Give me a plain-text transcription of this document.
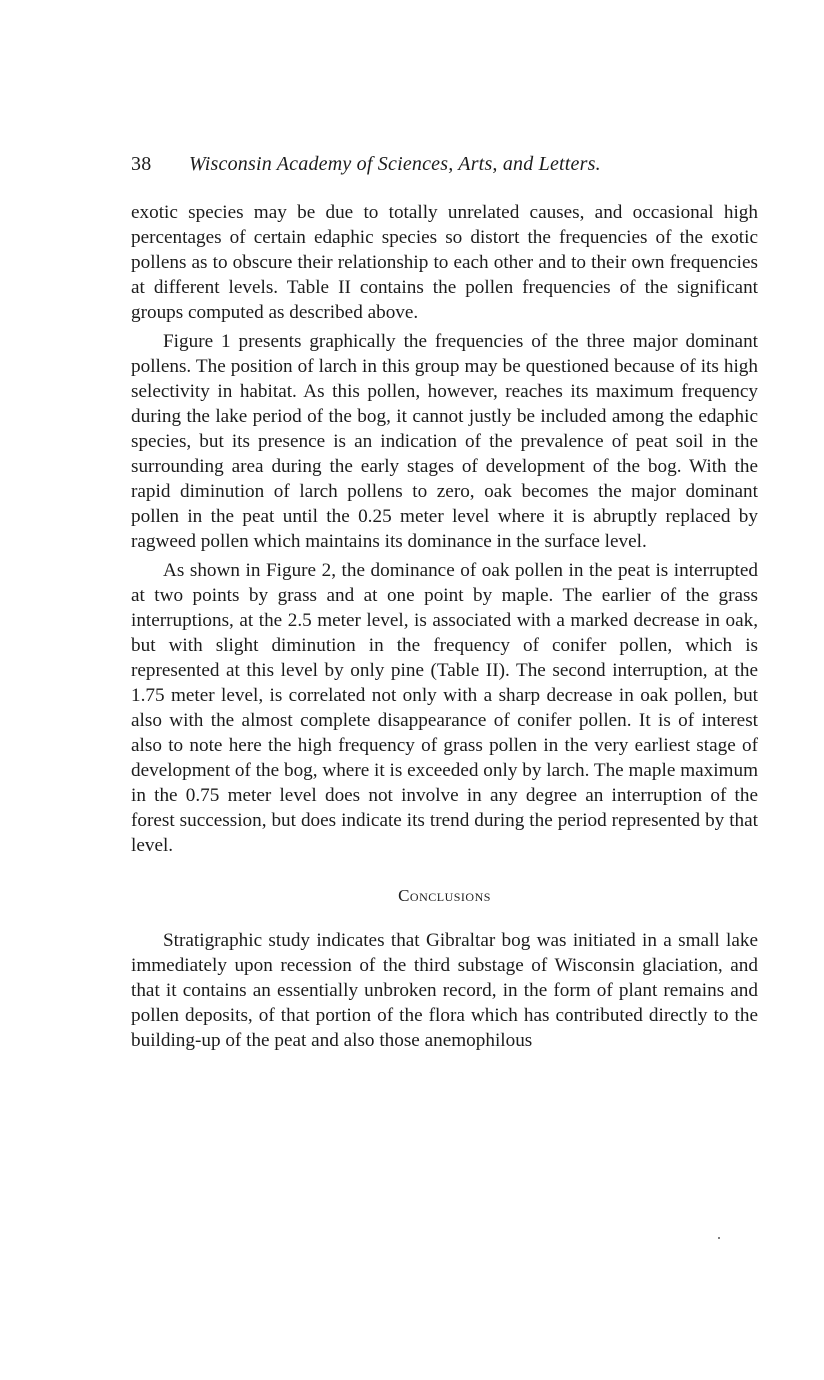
38 Wisconsin Academy of Sciences, Arts, and Letters.

exotic species may be due to totally unrelated causes, and occasional high percentages of certain edaphic species so distort the frequencies of the exotic pollens as to obscure their relationship to each other and to their own frequencies at different levels. Table II contains the pollen frequencies of the significant groups computed as described above.

Figure 1 presents graphically the frequencies of the three major dominant pollens. The position of larch in this group may be questioned because of its high selectivity in habitat. As this pollen, however, reaches its maximum frequency during the lake period of the bog, it cannot justly be included among the edaphic species, but its presence is an indication of the prevalence of peat soil in the surrounding area during the early stages of development of the bog. With the rapid diminution of larch pollens to zero, oak becomes the major dominant pollen in the peat until the 0.25 meter level where it is abruptly replaced by ragweed pollen which maintains its dominance in the surface level.

As shown in Figure 2, the dominance of oak pollen in the peat is interrupted at two points by grass and at one point by maple. The earlier of the grass interruptions, at the 2.5 meter level, is associated with a marked decrease in oak, but with slight diminution in the frequency of conifer pollen, which is represented at this level by only pine (Table II). The second interruption, at the 1.75 meter level, is correlated not only with a sharp decrease in oak pollen, but also with the almost complete disappearance of conifer pollen. It is of interest also to note here the high frequency of grass pollen in the very earliest stage of development of the bog, where it is exceeded only by larch. The maple maximum in the 0.75 meter level does not involve in any degree an interruption of the forest succession, but does indicate its trend during the period represented by that level.

Conclusions

Stratigraphic study indicates that Gibraltar bog was initiated in a small lake immediately upon recession of the third substage of Wisconsin glaciation, and that it contains an essentially unbroken record, in the form of plant remains and pollen deposits, of that portion of the flora which has contributed directly to the building-up of the peat and also those anemophilous
